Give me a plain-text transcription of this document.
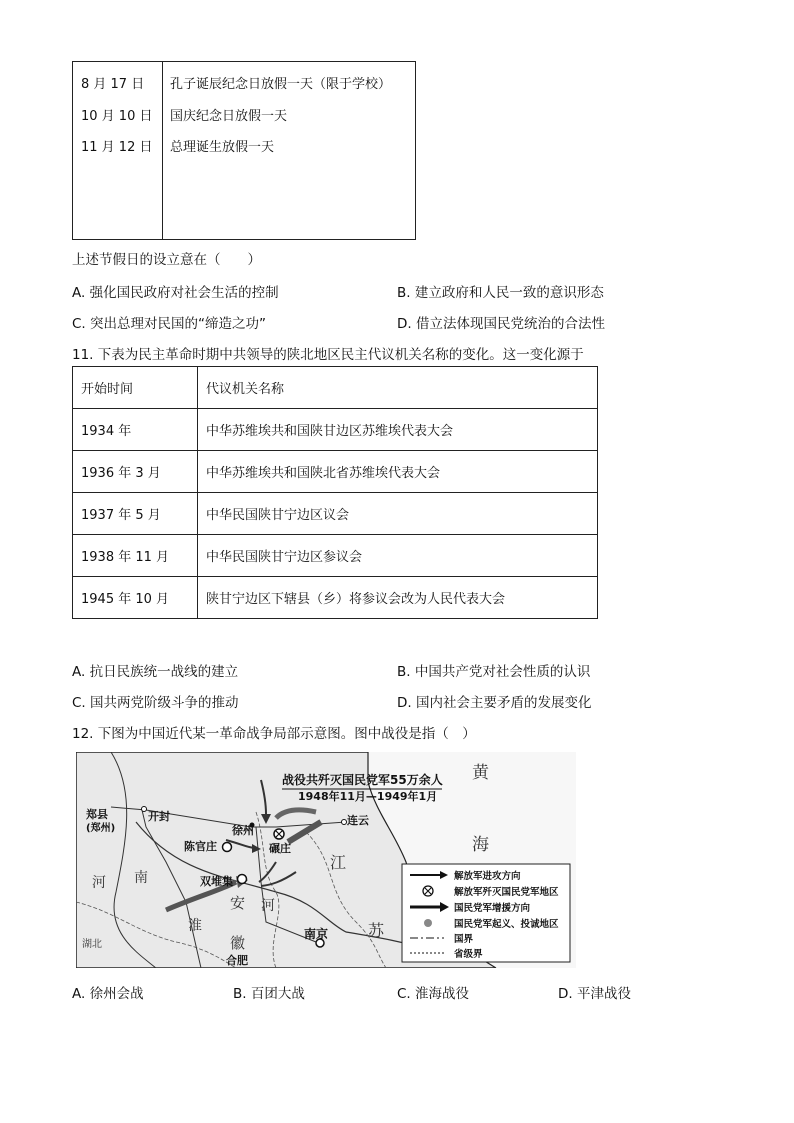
8 月 17 日 孔子诞辰纪念日放假一天（限于学校）
10 月 10 日 国庆纪念日放假一天
11 月 12 日 总理诞生放假一天
上述节假日的设立意在（　　）
A. 强化国民政府对社会生活的控制	B. 建立政府和人民一致的意识形态
C. 突出总理对民国的“缔造之功”	D. 借立法体现国民党统治的合法性
11. 下表为民主革命时期中共领导的陕北地区民主代议机关名称的变化。这一变化源于
开始时间	代议机关名称
1934 年	中华苏维埃共和国陕甘边区苏维埃代表大会
1936 年 3 月	中华苏维埃共和国陕北省苏维埃代表大会
1937 年 5 月	中华民国陕甘宁边区议会
1938 年 11 月	中华民国陕甘宁边区参议会
1945 年 10 月	陕甘宁边区下辖县（乡）将参议会改为人民代表大会
A. 抗日民族统一战线的建立	B. 中国共产党对社会性质的认识
C. 国共两党阶级斗争的推动	D. 国内社会主要矛盾的发展变化
12. 下图为中国近代某一革命战争局部示意图。图中战役是指（　）
战役共歼灭国民党军55万余人
1948年11月—1949年1月
郑县
(郑州)
开封
徐州
连云
陈官庄	碾庄
双堆集
南京
合肥
湖北
河 南
黄
海
江
苏
安
徽
淮
河
解放军进攻方向
解放军歼灭国民党军地区
国民党军增援方向
国民党军起义、投诚地区
国界
省级界
A. 徐州会战	B. 百团大战	C. 淮海战役	D. 平津战役
